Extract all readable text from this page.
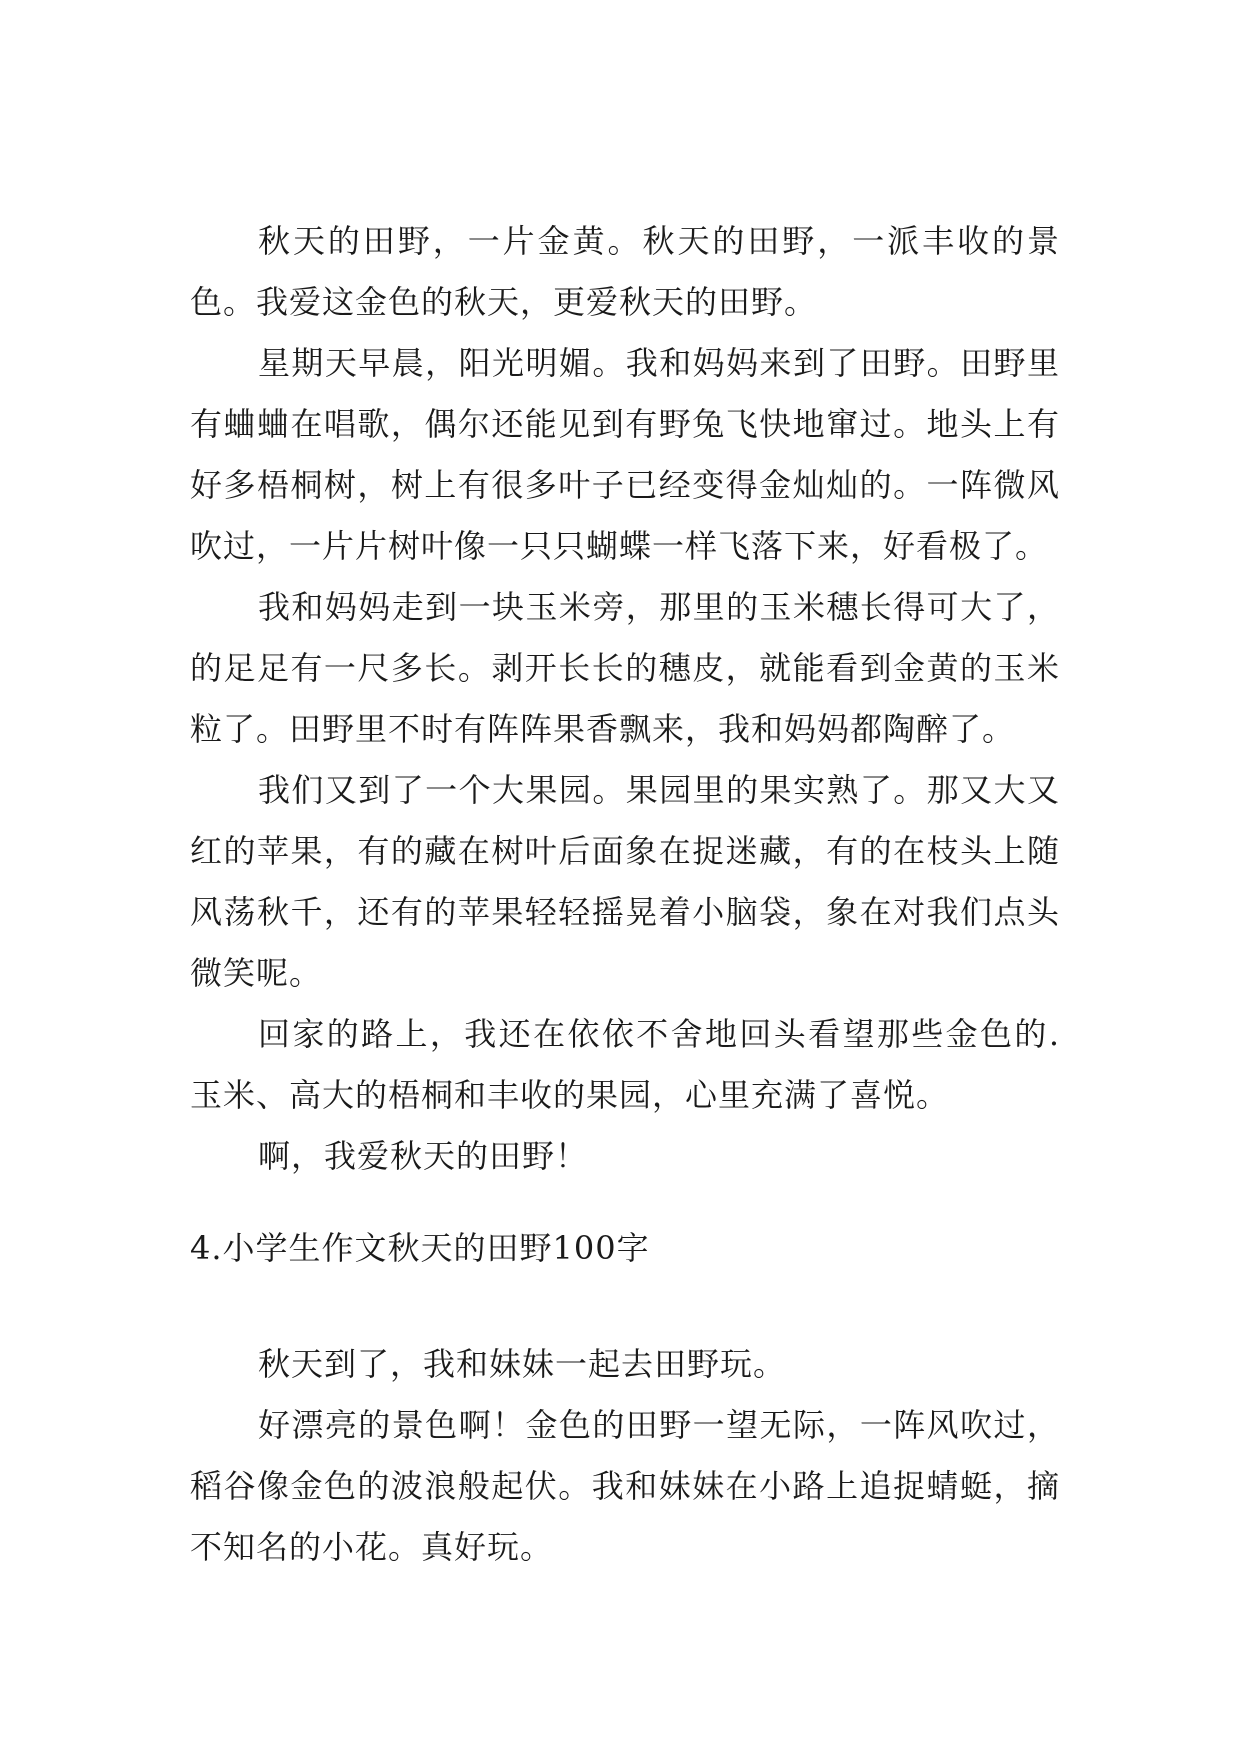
秋天的田野，一片金黄。秋天的田野，一派丰收的景色。我爱这金色的秋天，更爱秋天的田野。

星期天早晨，阳光明媚。我和妈妈来到了田野。田野里有蛐蛐在唱歌，偶尔还能见到有野兔飞快地窜过。地头上有好多梧桐树，树上有很多叶子已经变得金灿灿的。一阵微风吹过，一片片树叶像一只只蝴蝶一样飞落下来，好看极了。

我和妈妈走到一块玉米旁，那里的玉米穗长得可大了，的足足有一尺多长。剥开长长的穗皮，就能看到金黄的玉米粒了。田野里不时有阵阵果香飘来，我和妈妈都陶醉了。

我们又到了一个大果园。果园里的果实熟了。那又大又红的苹果，有的藏在树叶后面象在捉迷藏，有的在枝头上随风荡秋千，还有的苹果轻轻摇晃着小脑袋，象在对我们点头微笑呢。

回家的路上，我还在依依不舍地回头看望那些金色的.玉米、高大的梧桐和丰收的果园，心里充满了喜悦。

啊，我爱秋天的田野！

4.小学生作文秋天的田野100字

秋天到了，我和妹妹一起去田野玩。

好漂亮的景色啊！金色的田野一望无际，一阵风吹过，稻谷像金色的波浪般起伏。我和妹妹在小路上追捉蜻蜓，摘不知名的小花。真好玩。
